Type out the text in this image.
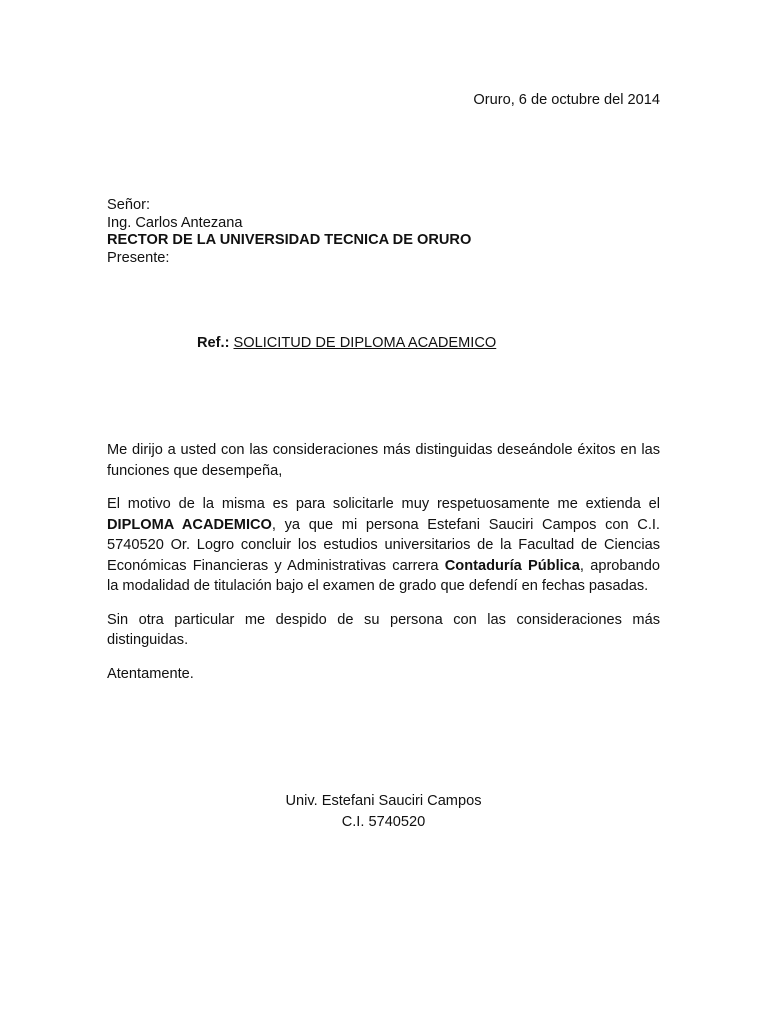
Oruro, 6 de octubre del 2014
Señor:
Ing. Carlos Antezana
RECTOR DE LA UNIVERSIDAD TECNICA DE ORURO
Presente:
Ref.: SOLICITUD DE DIPLOMA ACADEMICO

Me dirijo a usted con las consideraciones más distinguidas deseándole éxitos en las funciones que desempeña,

El motivo de la misma es para solicitarle muy respetuosamente me extienda el DIPLOMA ACADEMICO, ya que mi persona Estefani Sauciri Campos con C.I. 5740520 Or. Logro concluir los estudios universitarios de la Facultad de Ciencias Económicas Financieras y Administrativas carrera Contaduría Pública, aprobando la modalidad de titulación bajo el examen de grado que defendí en fechas pasadas.

Sin otra particular me despido de su persona con las consideraciones más distinguidas.

Atentamente.

Univ. Estefani Sauciri Campos
C.I. 5740520
